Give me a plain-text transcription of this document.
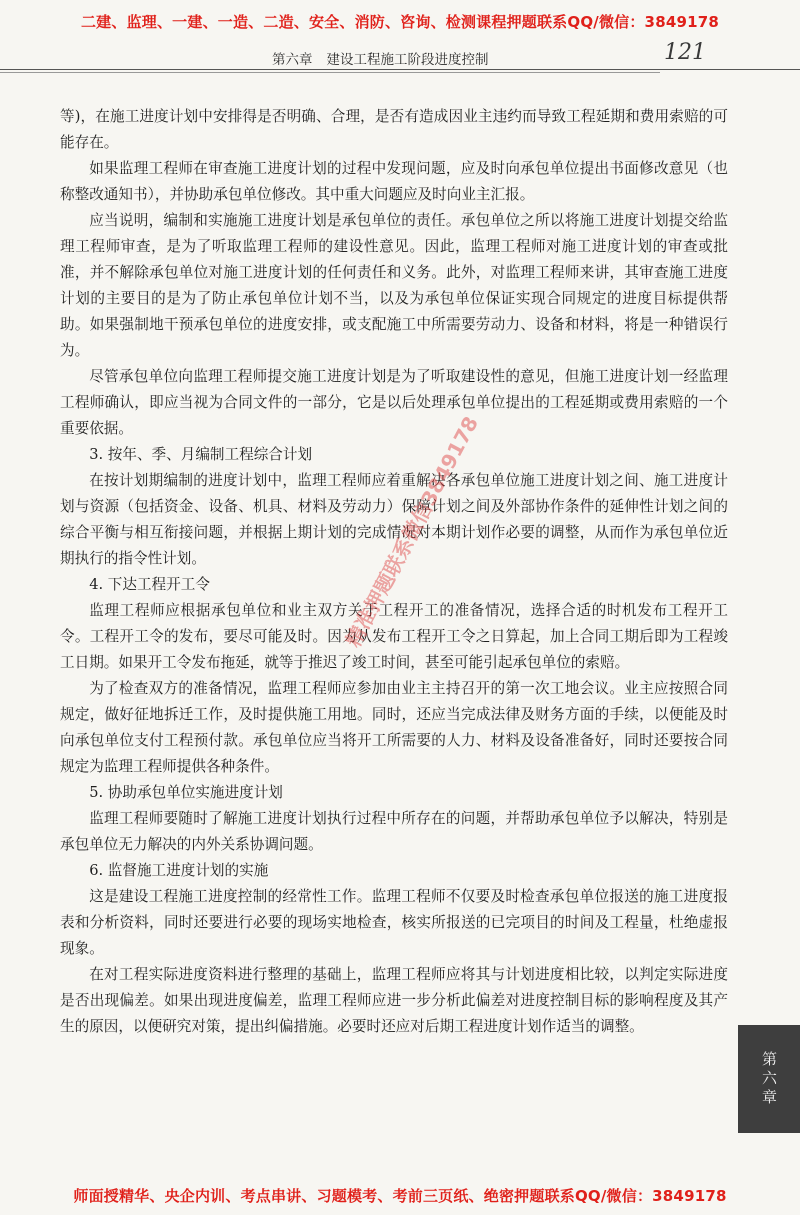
二建、监理、一建、一造、二造、安全、消防、咨询、检测课程押题联系QQ/微信：3849178
第六章 建设工程施工阶段进度控制	121

等)，在施工进度计划中安排得是否明确、合理，是否有造成因业主违约而导致工程延期和费用索赔的可能存在。

如果监理工程师在审查施工进度计划的过程中发现问题，应及时向承包单位提出书面修改意见（也称整改通知书），并协助承包单位修改。其中重大问题应及时向业主汇报。

应当说明，编制和实施施工进度计划是承包单位的责任。承包单位之所以将施工进度计划提交给监理工程师审查，是为了听取监理工程师的建设性意见。因此，监理工程师对施工进度计划的审查或批准，并不解除承包单位对施工进度计划的任何责任和义务。此外，对监理工程师来讲，其审查施工进度计划的主要目的是为了防止承包单位计划不当，以及为承包单位保证实现合同规定的进度目标提供帮助。如果强制地干预承包单位的进度安排，或支配施工中所需要劳动力、设备和材料，将是一种错误行为。

尽管承包单位向监理工程师提交施工进度计划是为了听取建设性的意见，但施工进度计划一经监理工程师确认，即应当视为合同文件的一部分，它是以后处理承包单位提出的工程延期或费用索赔的一个重要依据。

3. 按年、季、月编制工程综合计划

在按计划期编制的进度计划中，监理工程师应着重解决各承包单位施工进度计划之间、施工进度计划与资源（包括资金、设备、机具、材料及劳动力）保障计划之间及外部协作条件的延伸性计划之间的综合平衡与相互衔接问题，并根据上期计划的完成情况对本期计划作必要的调整，从而作为承包单位近期执行的指令性计划。

4. 下达工程开工令

监理工程师应根据承包单位和业主双方关于工程开工的准备情况，选择合适的时机发布工程开工令。工程开工令的发布，要尽可能及时。因为从发布工程开工令之日算起，加上合同工期后即为工程竣工日期。如果开工令发布拖延，就等于推迟了竣工时间，甚至可能引起承包单位的索赔。

为了检查双方的准备情况，监理工程师应参加由业主主持召开的第一次工地会议。业主应按照合同规定，做好征地拆迁工作，及时提供施工用地。同时，还应当完成法律及财务方面的手续，以便能及时向承包单位支付工程预付款。承包单位应当将开工所需要的人力、材料及设备准备好，同时还要按合同规定为监理工程师提供各种条件。

5. 协助承包单位实施进度计划

监理工程师要随时了解施工进度计划执行过程中所存在的问题，并帮助承包单位予以解决，特别是承包单位无力解决的内外关系协调问题。

6. 监督施工进度计划的实施

这是建设工程施工进度控制的经常性工作。监理工程师不仅要及时检查承包单位报送的施工进度报表和分析资料，同时还要进行必要的现场实地检查，核实所报送的已完项目的时间及工程量，杜绝虚报现象。

在对工程实际进度资料进行整理的基础上，监理工程师应将其与计划进度相比较，以判定实际进度是否出现偏差。如果出现进度偏差，监理工程师应进一步分析此偏差对进度控制目标的影响程度及其产生的原因，以便研究对策，提出纠偏措施。必要时还应对后期工程进度计划作适当的调整。

精准押题联系微信3849178
第六章
师面授精华、央企内训、考点串讲、习题模考、考前三页纸、绝密押题联系QQ/微信：3849178
